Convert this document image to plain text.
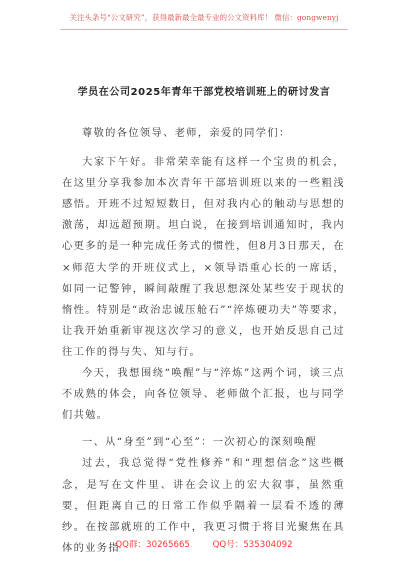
关注头条号“公文研究”，获得最新最全最专业的公文资料库！ 微信：gongwenyj
学员在公司2025年青年干部党校培训班上的研讨发言

尊敬的各位领导、老师，亲爱的同学们：

大家下午好。非常荣幸能有这样一个宝贵的机会，在这里分享我参加本次青年干部培训班以来的一些粗浅感悟。开班不过短短数日，但对我内心的触动与思想的激荡，却远超预期。坦白说，在接到培训通知时，我内心更多的是一种完成任务式的惯性，但8月3日那天，在×师范大学的开班仪式上，×领导语重心长的一席话，如同一记警钟，瞬间敲醒了我思想深处某些安于现状的惰性。特别是“政治忠诚压舱石”“淬炼硬功夫”等要求，让我开始重新审视这次学习的意义，也开始反思自己过往工作的得与失、知与行。

今天，我想围绕“唤醒”与“淬炼”这两个词，谈三点不成熟的体会，向各位领导、老师做个汇报，也与同学们共勉。

一、从“身至”到“心至”：一次初心的深刻唤醒

过去，我总觉得“党性修养”和“理想信念”这些概念，是写在文件里、讲在会议上的宏大叙事，虽然重要，但距离自己的日常工作似乎隔着一层看不透的薄纱。在按部就班的工作中，我更习惯于将目光聚焦在具体的业务指

QQ群：30265665	QQ号：535304092
